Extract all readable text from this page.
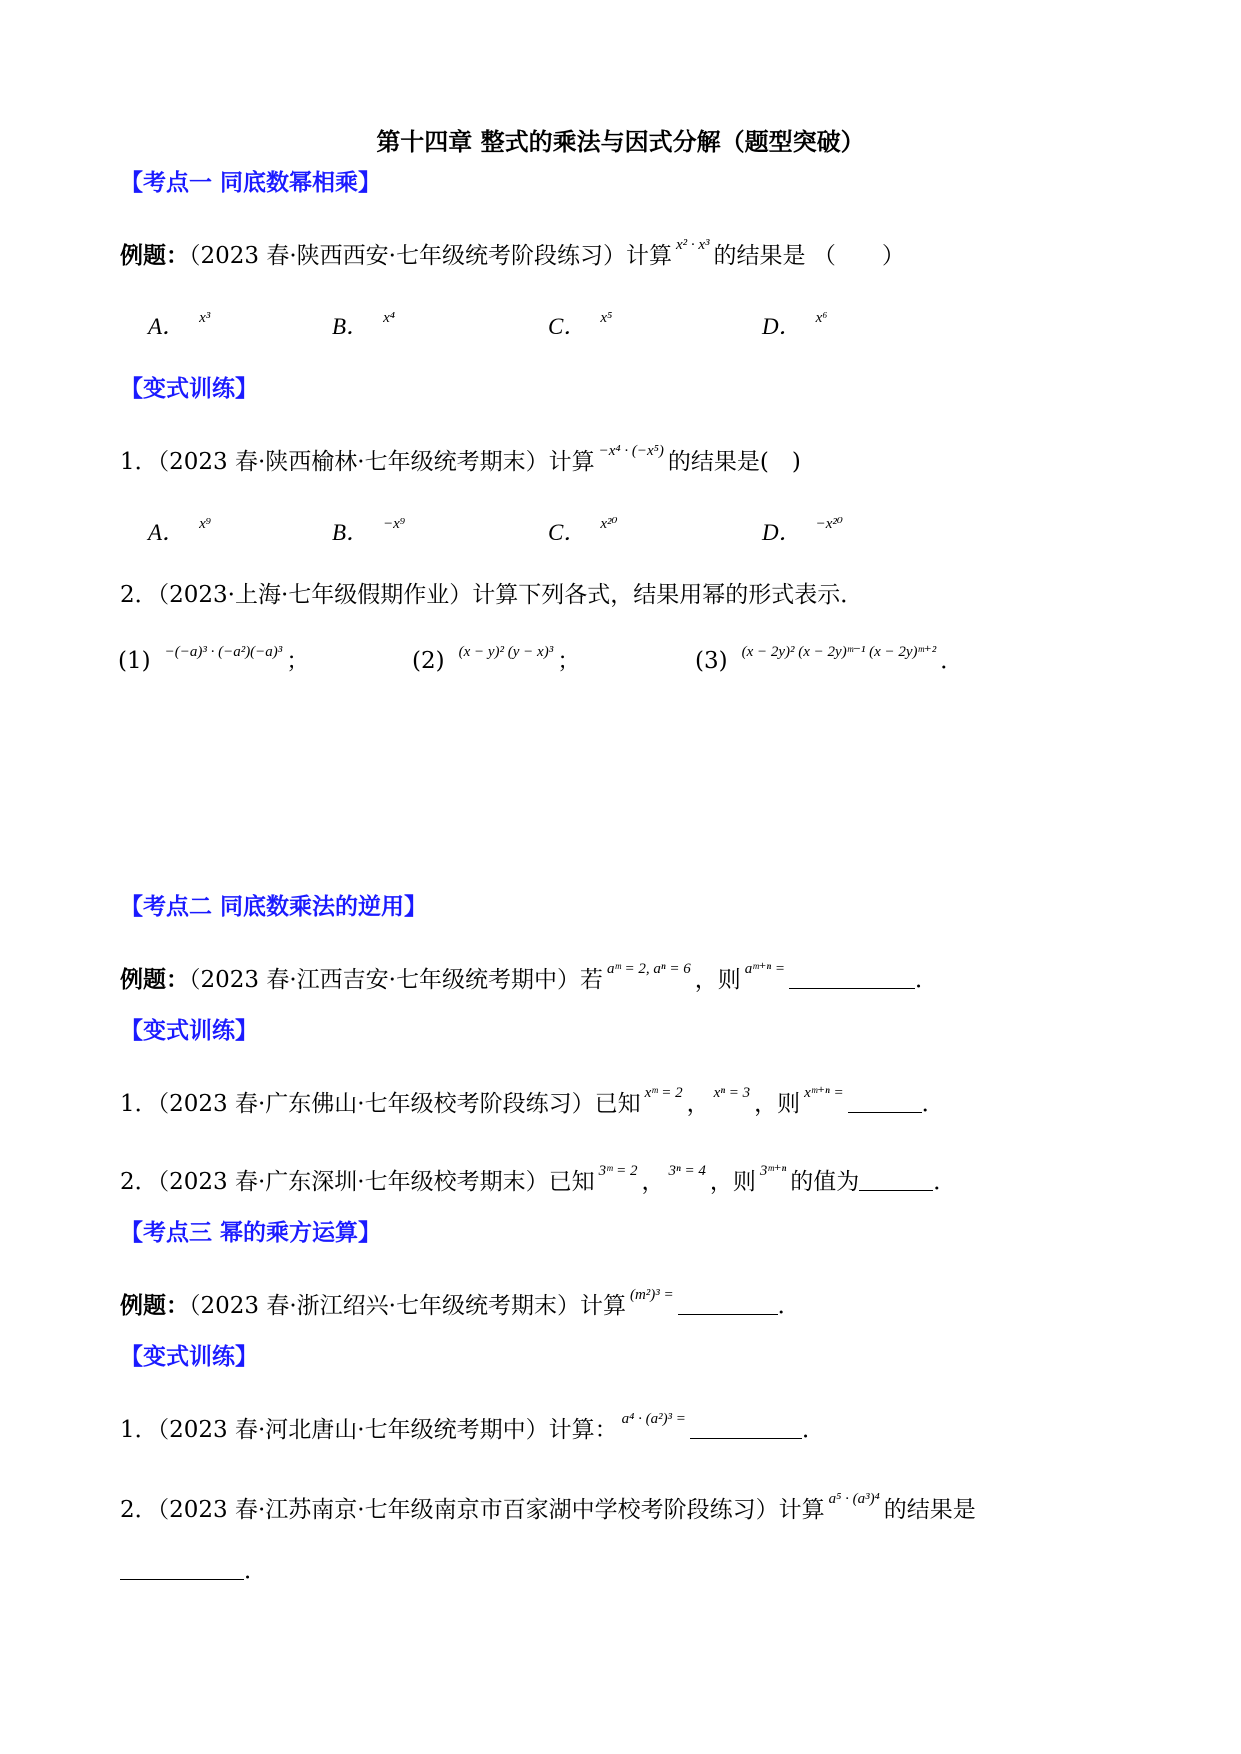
第十四章 整式的乘法与因式分解（题型突破）
【考点一 同底数幂相乘】
例题：（2023 春·陕西西安·七年级统考阶段练习）计算 x² · x³ 的结果是 （　　）
A． x³	B． x⁴	C． x⁵	D． x⁶
【变式训练】
1．（2023 春·陕西榆林·七年级统考期末）计算 −x⁴ · (−x⁵) 的结果是(　)
A． x⁹	B． −x⁹	C． x²⁰	D． −x²⁰
2．（2023·上海·七年级假期作业）计算下列各式，结果用幂的形式表示．
(1) −(−a)³ · (−a²)(−a)³ ；	(2) (x − y)² (y − x)³ ；	(3) (x − 2y)² (x − 2y)ᵐ⁻¹ (x − 2y)ᵐ⁺² ．
【考点二 同底数乘法的逆用】
例题：（2023 春·江西吉安·七年级统考期中）若 aᵐ = 2, aⁿ = 6 ，则 aᵐ⁺ⁿ =	．
【变式训练】
1．（2023 春·广东佛山·七年级校考阶段练习）已知 xᵐ = 2 ， xⁿ = 3 ，则 xᵐ⁺ⁿ =	．
2．（2023 春·广东深圳·七年级校考期末）已知 3ᵐ = 2 ， 3ⁿ = 4 ，则 3ᵐ⁺ⁿ 的值为	．
【考点三 幂的乘方运算】
例题：（2023 春·浙江绍兴·七年级统考期末）计算 (m²)³ =	．
【变式训练】
1．（2023 春·河北唐山·七年级统考期中）计算： a⁴ · (a²)³ =	．
2．（2023 春·江苏南京·七年级南京市百家湖中学校考阶段练习）计算 a⁵ · (a³)⁴ 的结果是
．
